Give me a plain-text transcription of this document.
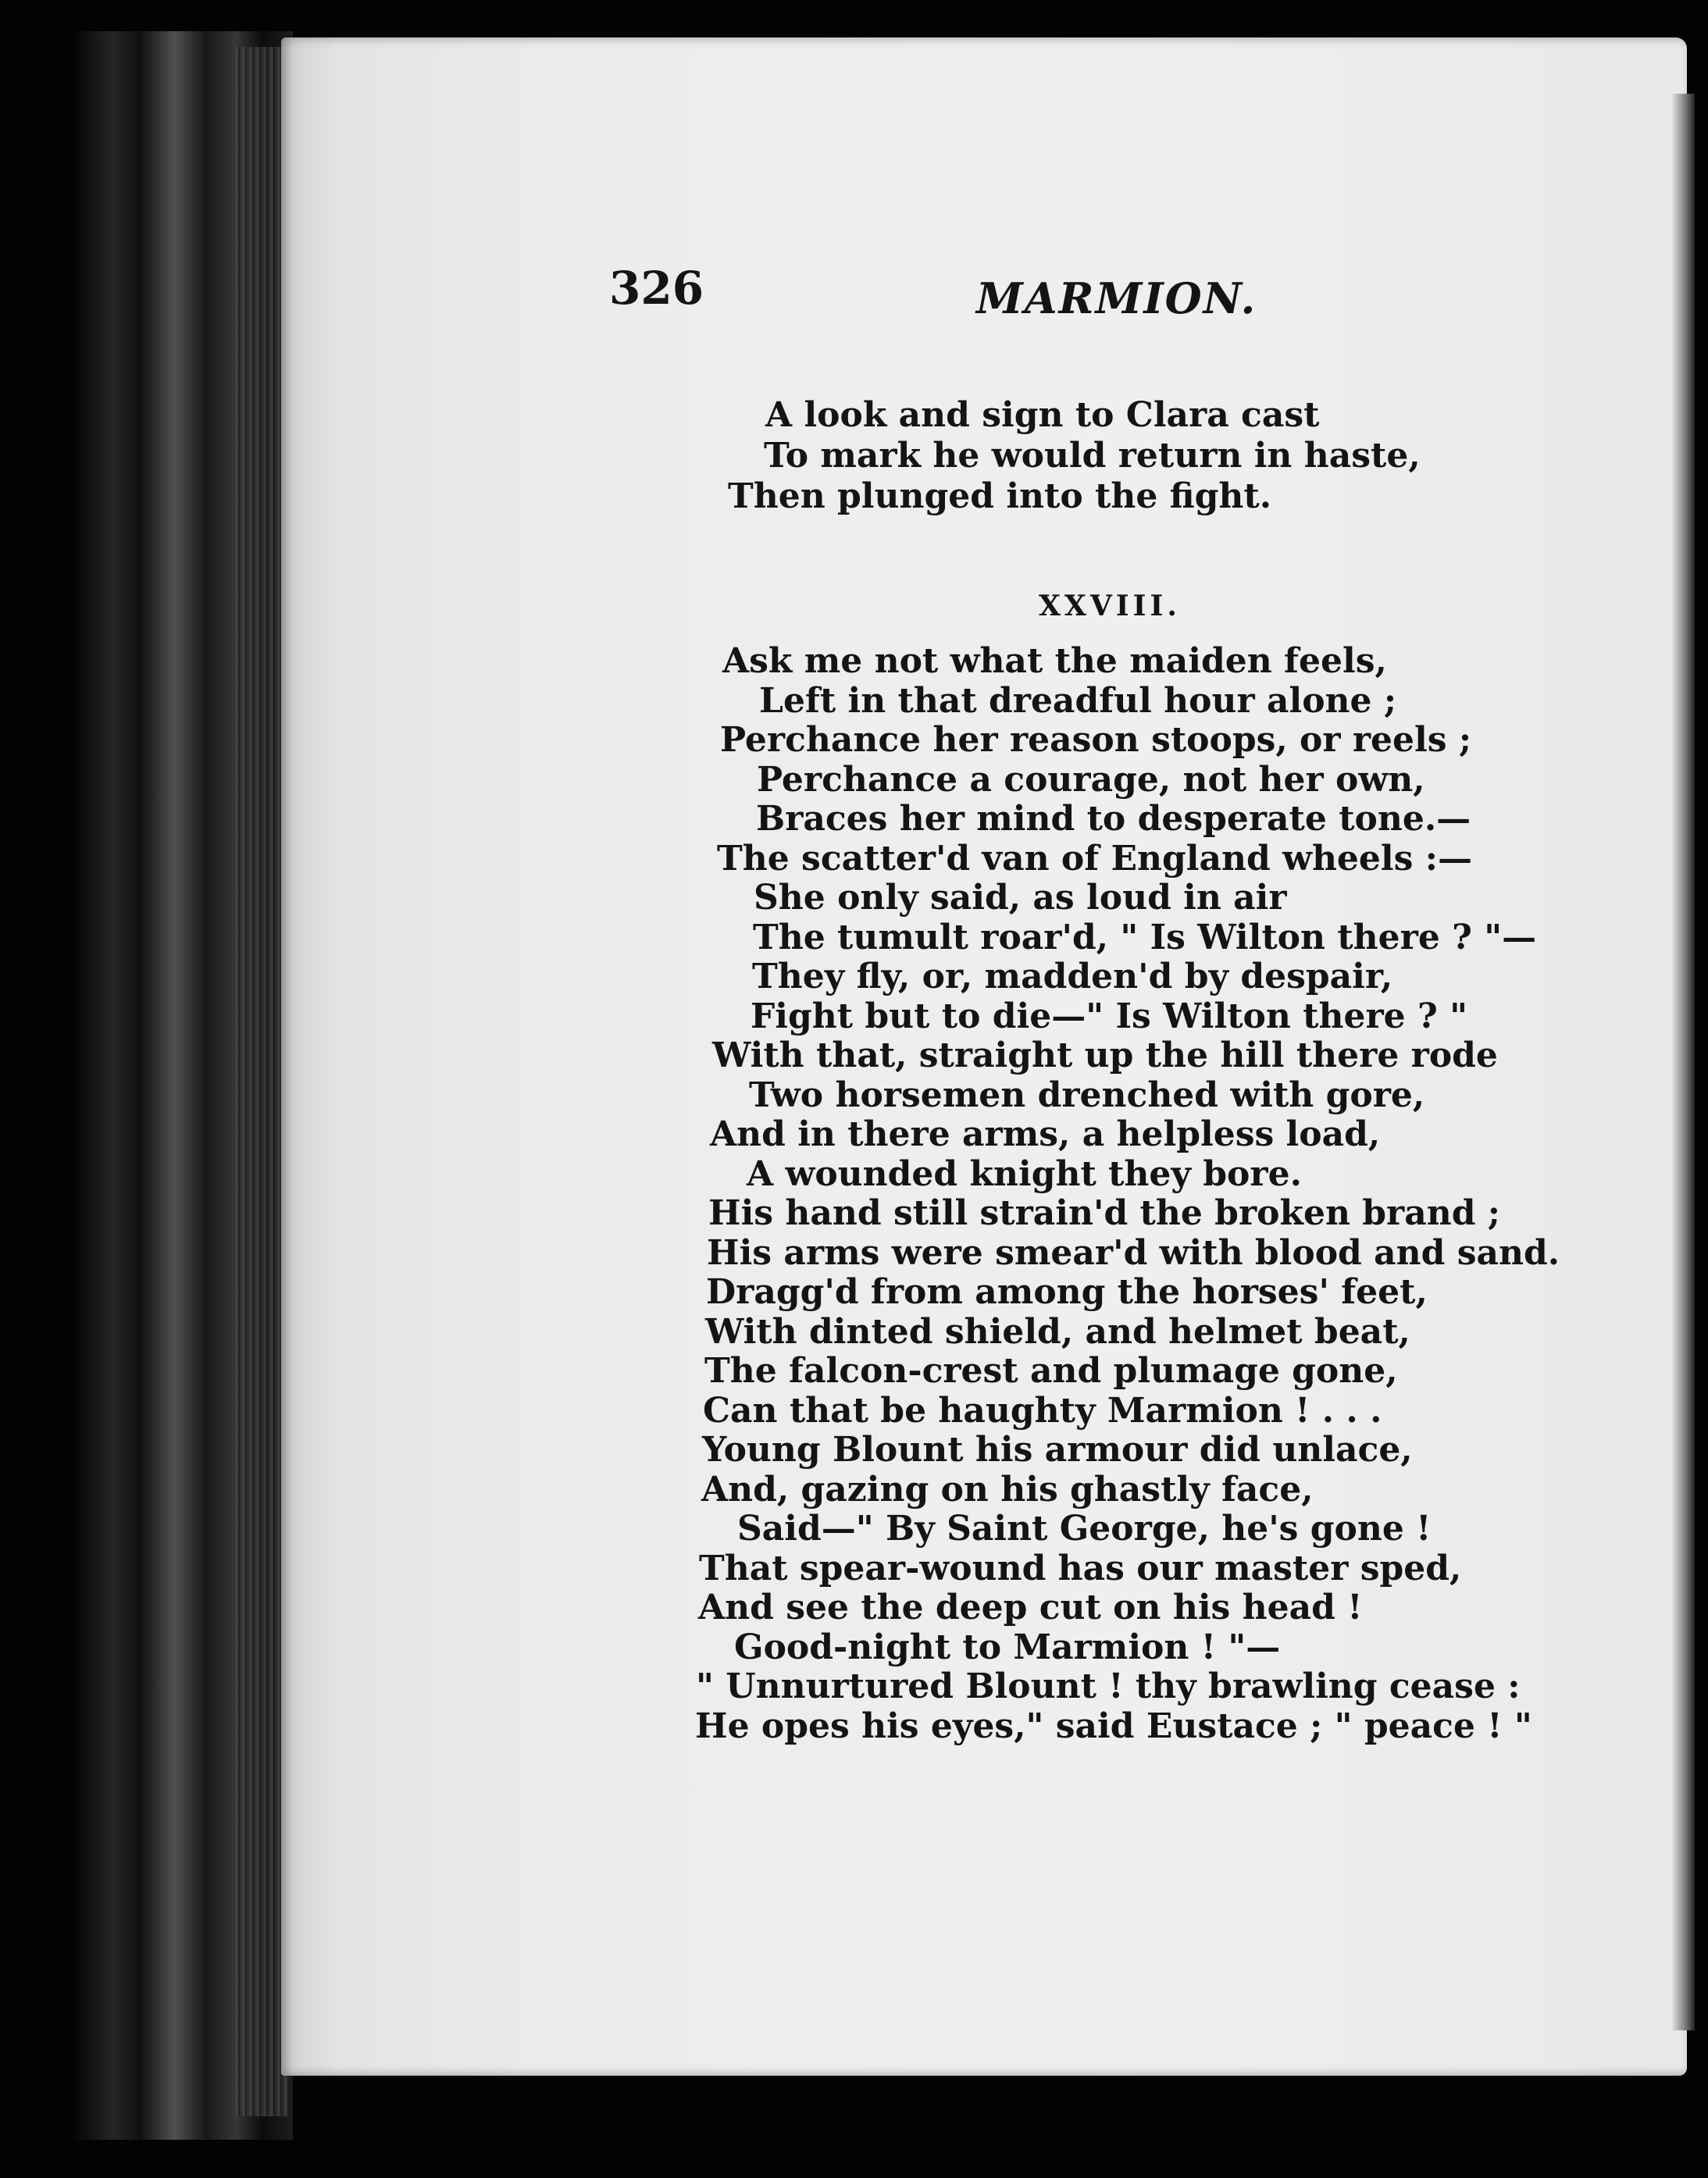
326	MARMION.
A look and sign to Clara cast
To mark he would return in haste,
Then plunged into the fight.
XXVIII.
Ask me not what the maiden feels,
Left in that dreadful hour alone ;
Perchance her reason stoops, or reels ;
Perchance a courage, not her own,
Braces her mind to desperate tone.—
The scatter'd van of England wheels :—
She only said, as loud in air
The tumult roar'd, " Is Wilton there ? "—
They fly, or, madden'd by despair,
Fight but to die—" Is Wilton there ? "
With that, straight up the hill there rode
Two horsemen drenched with gore,
And in there arms, a helpless load,
A wounded knight they bore.
His hand still strain'd the broken brand ;
His arms were smear'd with blood and sand.
Dragg'd from among the horses' feet,
With dinted shield, and helmet beat,
The falcon-crest and plumage gone,
Can that be haughty Marmion ! . . .
Young Blount his armour did unlace,
And, gazing on his ghastly face,
Said—" By Saint George, he's gone !
That spear-wound has our master sped,
And see the deep cut on his head !
Good-night to Marmion ! "—
" Unnurtured Blount ! thy brawling cease :
He opes his eyes," said Eustace ; " peace ! "
